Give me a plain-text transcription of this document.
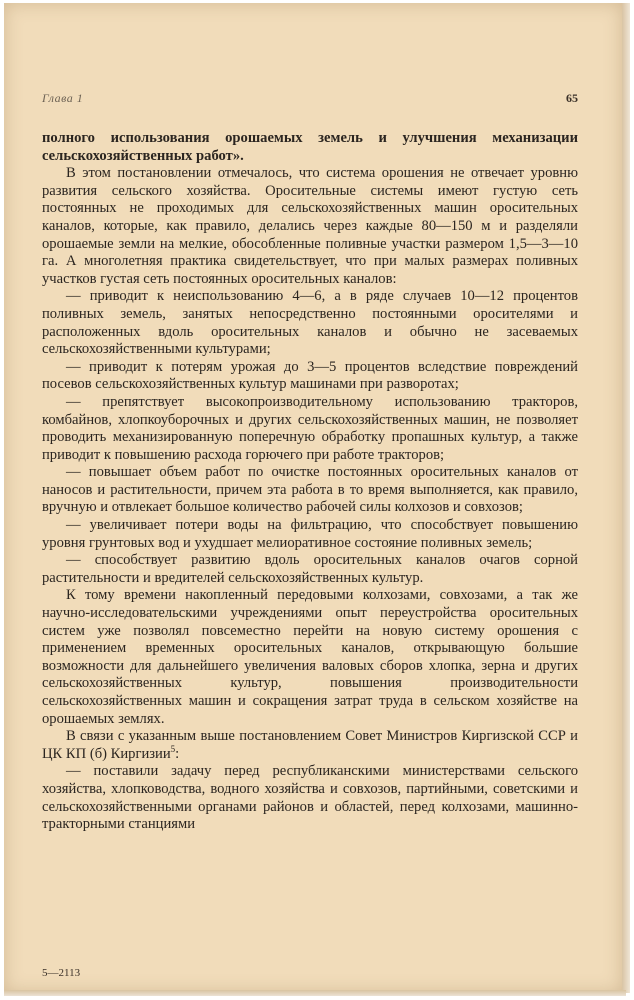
Глава 1	65

полного использования орошаемых земель и улучшения механизации сельскохозяйственных работ».

В этом постановлении отмечалось, что система орошения не отвечает уровню развития сельского хозяйства. Оросительные системы имеют густую сеть постоянных не проходимых для сельскохозяйственных машин оросительных каналов, которые, как правило, делались через каждые 80—150 м и разделяли орошаемые земли на мелкие, обособленные поливные участки размером 1,5—3—10 га. А многолетняя практика свидетельствует, что при малых размерах поливных участков густая сеть постоянных оросительных каналов:

— приводит к неиспользованию 4—6, а в ряде случаев 10—12 процентов поливных земель, занятых непосредственно постоянными оросителями и расположенных вдоль оросительных каналов и обычно не засеваемых сельскохозяйственными культурами;

— приводит к потерям урожая до 3—5 процентов вследствие повреждений посевов сельскохозяйственных культур машинами при разворотах;

— препятствует высокопроизводительному использованию тракторов, комбайнов, хлопкоуборочных и других сельскохозяйственных машин, не позволяет проводить механизированную поперечную обработку пропашных культур, а также приводит к повышению расхода горючего при работе тракторов;

— повышает объем работ по очистке постоянных оросительных каналов от наносов и растительности, причем эта работа в то время выполняется, как правило, вручную и отвлекает большое количество рабочей силы колхозов и совхозов;

— увеличивает потери воды на фильтрацию, что способствует повышению уровня грунтовых вод и ухудшает мелиоративное состояние поливных земель;

— способствует развитию вдоль оросительных каналов очагов сорной растительности и вредителей сельскохозяйственных культур.

К тому времени накопленный передовыми колхозами, совхозами, а так же научно-исследовательскими учреждениями опыт переустройства оросительных систем уже позволял повсеместно перейти на новую систему орошения с применением временных оросительных каналов, открывающую большие возможности для дальнейшего увеличения валовых сборов хлопка, зерна и других сельскохозяйственных культур, повышения производительности сельскохозяйственных машин и сокращения затрат труда в сельском хозяйстве на орошаемых землях.

В связи с указанным выше постановлением Совет Министров Киргизской ССР и ЦК КП (б) Киргизии$^5$:

— поставили задачу перед республиканскими министерствами сельского хозяйства, хлопководства, водного хозяйства и совхозов, партийными, советскими и сельскохозяйственными органами районов и областей, перед колхозами, машинно-тракторными станциями

5—2113
